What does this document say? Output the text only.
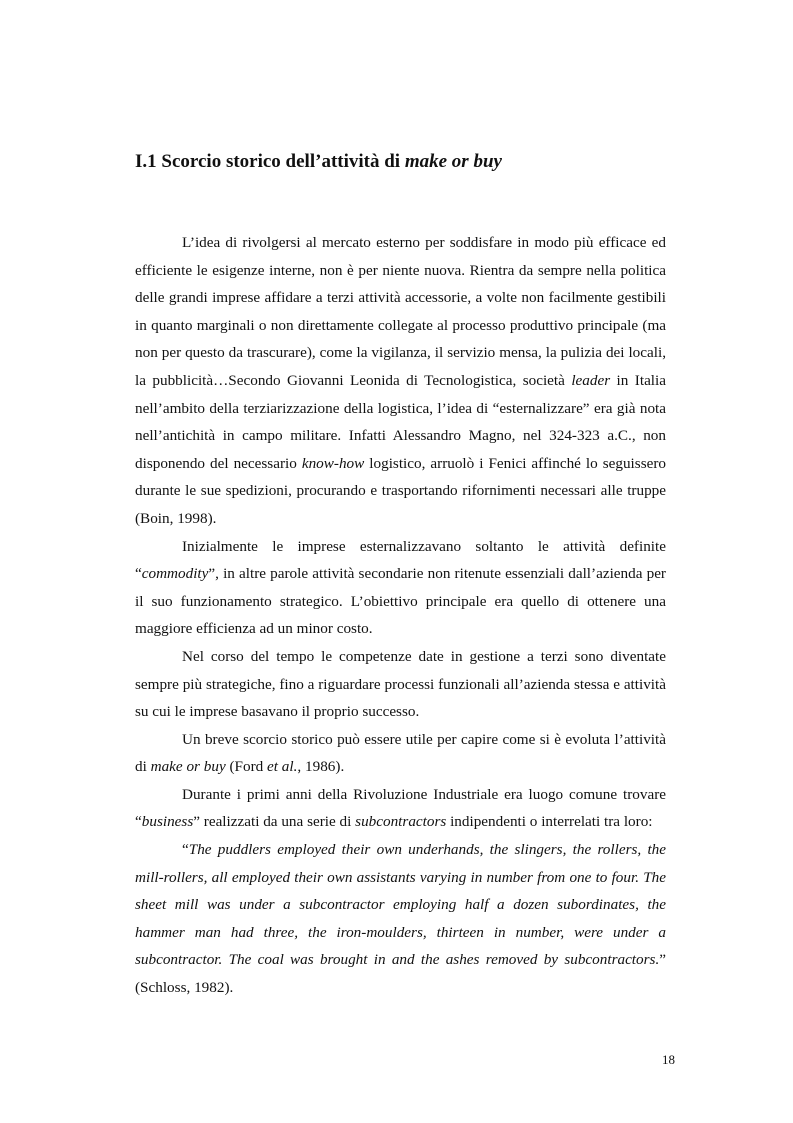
I.1 Scorcio storico dell’attività di make or buy

L’idea di rivolgersi al mercato esterno per soddisfare in modo più efficace ed efficiente le esigenze interne, non è per niente nuova. Rientra da sempre nella politica delle grandi imprese affidare a terzi attività accessorie, a volte non facilmente gestibili in quanto marginali o non direttamente collegate al processo produttivo principale (ma non per questo da trascurare), come la vigilanza, il servizio mensa, la pulizia dei locali, la pubblicità…Secondo Giovanni Leonida di Tecnologistica, società leader in Italia nell’ambito della terziarizzazione della logistica, l’idea di “esternalizzare” era già nota nell’antichità in campo militare. Infatti Alessandro Magno, nel 324-323 a.C., non disponendo del necessario know-how logistico, arruolò i Fenici affinché lo seguissero durante le sue spedizioni, procurando e trasportando rifornimenti necessari alle truppe (Boin, 1998).

Inizialmente le imprese esternalizzavano soltanto le attività definite “commodity”, in altre parole attività secondarie non ritenute essenziali dall’azienda per il suo funzionamento strategico. L’obiettivo principale era quello di ottenere una maggiore efficienza ad un minor costo.

Nel corso del tempo le competenze date in gestione a terzi sono diventate sempre più strategiche, fino a riguardare processi funzionali all’azienda stessa e attività su cui le imprese basavano il proprio successo.

Un breve scorcio storico può essere utile per capire come si è evoluta l’attività di make or buy (Ford et al., 1986).

Durante i primi anni della Rivoluzione Industriale era luogo comune trovare “business” realizzati da una serie di subcontractors indipendenti o interrelati tra loro:

“The puddlers employed their own underhands, the slingers, the rollers, the mill-rollers, all employed their own assistants varying in number from one to four. The sheet mill was under a subcontractor employing half a dozen subordinates, the hammer man had three, the iron-moulders, thirteen in number, were under a subcontractor. The coal was brought in and the ashes removed by subcontractors.” (Schloss, 1982).

18
